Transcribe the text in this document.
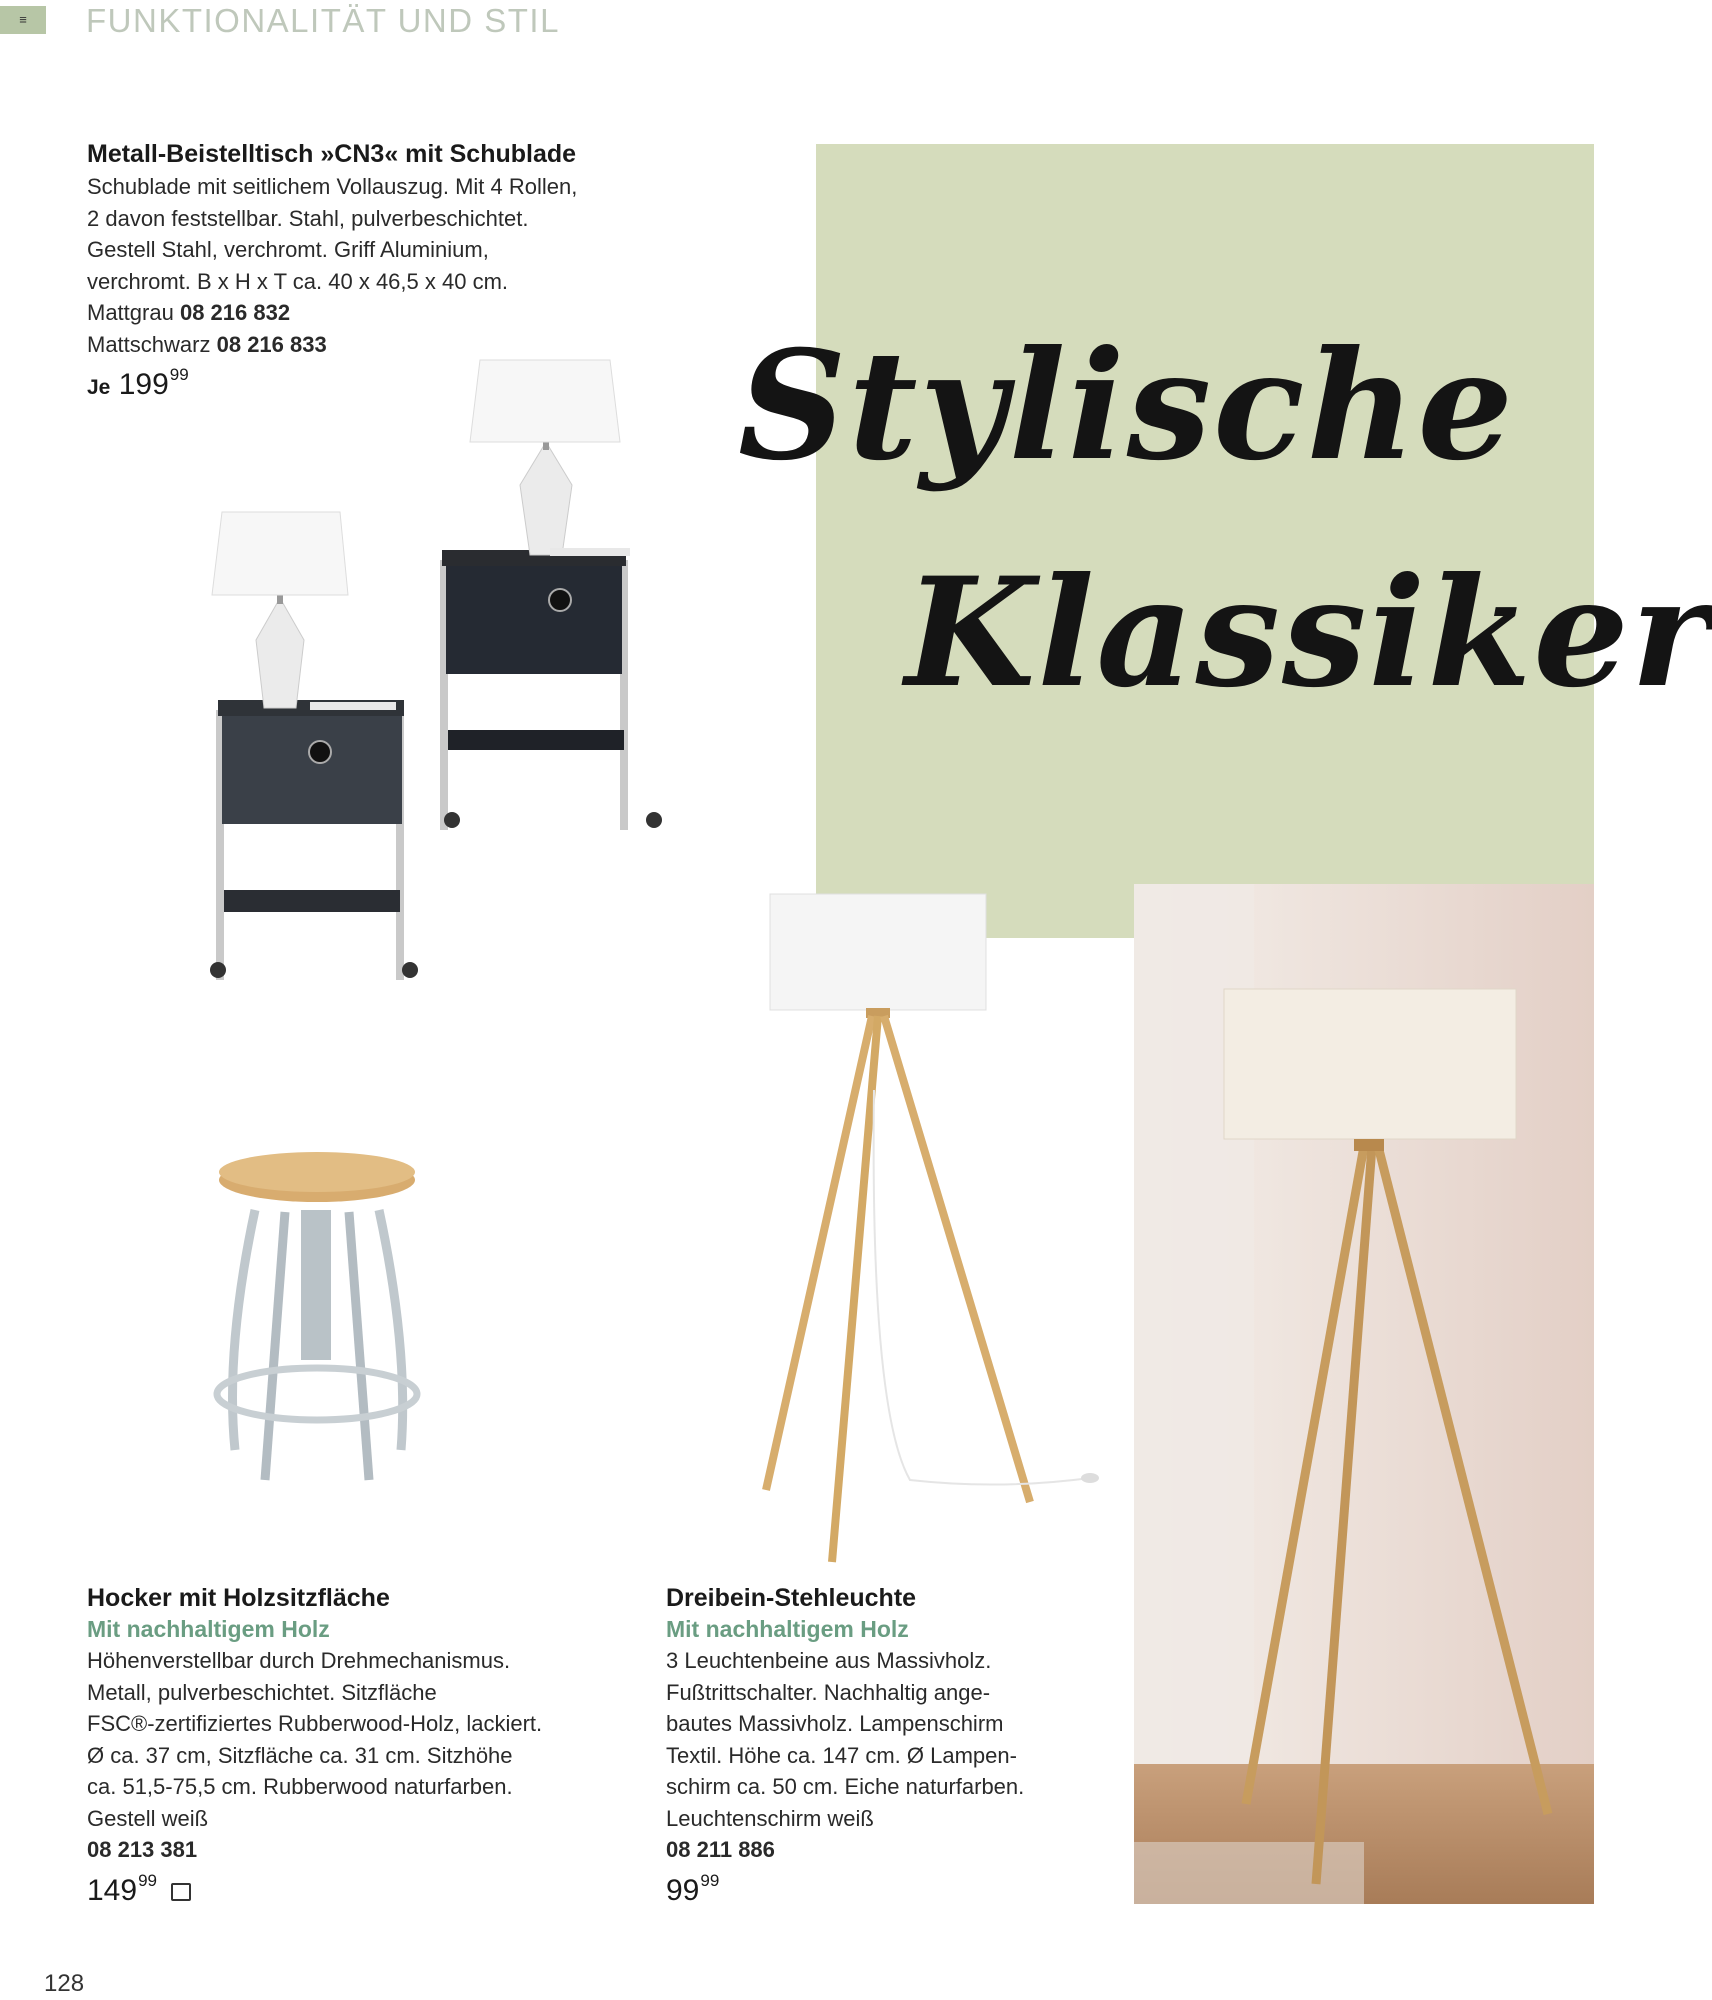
≡	FUNKTIONALITÄT UND STIL
Stylische
Klassiker
Metall-Beistelltisch »CN3« mit Schublade
Schublade mit seitlichem Vollauszug. Mit 4 Rollen,
2 davon feststellbar. Stahl, pulverbeschichtet.
Gestell Stahl, verchromt. Griff Aluminium,
verchromt. B x H x T ca. 40 x 46,5 x 40 cm.
Mattgrau 08 216 832
Mattschwarz 08 216 833
Je $199^{99}$
Hocker mit Holzsitzfläche
Mit nachhaltigem Holz
Höhenverstellbar durch Drehmechanismus.
Metall, pulverbeschichtet. Sitzfläche
FSC®-zertifiziertes Rubberwood-Holz, lackiert.
Ø ca. 37 cm, Sitzfläche ca. 31 cm. Sitzhöhe
ca. 51,5-75,5 cm. Rubberwood naturfarben.
Gestell weiß
08 213 381
$149^{99}$
Dreibein-Stehleuchte
Mit nachhaltigem Holz
3 Leuchtenbeine aus Massivholz.
Fußtrittschalter. Nachhaltig ange-
bautes Massivholz. Lampenschirm
Textil. Höhe ca. 147 cm. Ø Lampen-
schirm ca. 50 cm. Eiche naturfarben.
Leuchtenschirm weiß
08 211 886
$99^{99}$
128
